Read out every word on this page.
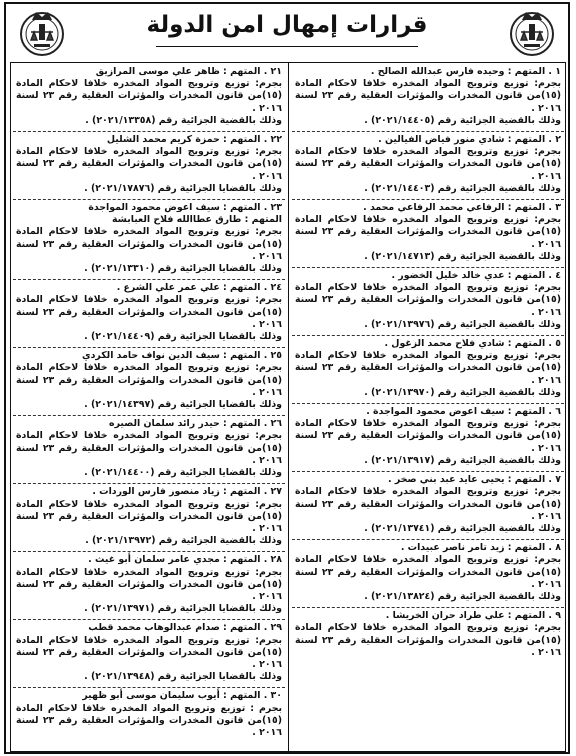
قرارات إمهال امن الدولة
١ . المتهم : وحيده فارس عبدالله الصالح .
بجرم: توزيع وترويج المواد المخدره خلافا لاحكام المادة (١٥)من قانون المخدرات والمؤثرات العقلية رقم ٢٣ لسنة ٢٠١٦ .
وذلك بالقضية الجزائية رقم (٢٠٢١/١٤٤٠٥) .
٢ . المتهم : شادي منور فياض الفيالين .
بجرم: توزيع وترويج المواد المخدره خلافا لاحكام المادة (١٥)من قانون المخدرات والمؤثرات العقلية رقم ٢٣ لسنة ٢٠١٦ .
وذلك بالقضية الجزائية رقم (٢٠٢١/١٤٤٠٣) .
٣ . المتهم : الرفاعي محمد الرفاعي محمد .
بجرم: توزيع وترويج المواد المخدره خلافا لاحكام المادة (١٥)من قانون المخدرات والمؤثرات العقلية رقم ٢٣ لسنة ٢٠١٦ .
وذلك بالقضية الجزائية رقم (٢٠٢١/١٤٧١٣) .
٤ . المتهم : عدي خالد خليل الخضور .
بجرم: توزيع وترويج المواد المخدره خلافا لاحكام المادة (١٥)من قانون المخدرات والمؤثرات العقلية رقم ٢٣ لسنة ٢٠١٦ .
وذلك بالقضية الجزائية رقم (٢٠٢١/١٣٩٧٦) .
٥ . المتهم : شادي فلاح محمد الزغول .
بجرم: توزيع وترويج المواد المخدره خلافا لاحكام المادة (١٥)من قانون المخدرات والمؤثرات العقلية رقم ٢٣ لسنة ٢٠١٦ .
وذلك بالقضية الجزائية رقم (٢٠٢١/١٣٩٧٠) .
٦ . المتهم : سيف اعوض محمود المواجدة .
بجرم: توزيع وترويج المواد المخدره خلافا لاحكام المادة (١٥)من قانون المخدرات والمؤثرات العقلية رقم ٢٣ لسنة ٢٠١٦ .
وذلك بالقضية الجزائية رقم (٢٠٢١/١٣٩١٧) .
٧ . المتهم : يحيى عايد عبد بني صخر .
بجرم: توزيع وترويج المواد المخدره خلافا لاحكام المادة (١٥)من قانون المخدرات والمؤثرات العقلية رقم ٢٣ لسنة ٢٠١٦ .
وذلك بالقضية الجزائية رقم (٢٠٢١/١٣٧٤١) .
٨ . المتهم : زيد تامر ناصر عبيدات .
بجرم: توزيع وترويج المواد المخدره خلافا لاحكام المادة (١٥)من قانون المخدرات والمؤثرات العقلية رقم ٢٣ لسنة ٢٠١٦ .
وذلك بالقضية الجزائية رقم (٢٠٢١/١٣٨٢٤) .
٩ . المتهم : علي طراد حران الخريشا .
بجرم: توزيع وترويج المواد المخدره خلافا لاحكام المادة (١٥)من قانون المخدرات والمؤثرات العقلية رقم ٢٣ لسنة ٢٠١٦ .
٢١ . المتهم : ظاهر علي موسى المرازيق
بجرم: توزيع وترويج المواد المخدره خلافا لاحكام المادة (١٥)من قانون المخدرات والمؤثرات العقلية رقم ٢٣ لسنة ٢٠١٦ .
وذلك بالقضية الجزائية رقم (٢٠٢١/١٣٣٥٨) .
٢٢ . المتهم : حمزة كريم محمد الشليل
بجرم: توزيع وترويج المواد المخدره خلافا لاحكام المادة (١٥)من قانون المخدرات والمؤثرات العقلية رقم ٢٣ لسنة ٢٠١٦ .
وذلك بالقضايا الجزائية رقم (٢٠٢١/١٧٨٧٦) .
٢٣ . المتهم : سيف اعوض محمود المواجدة
المتهم : طارق عطاالله فلاح العبابشة
بجرم: توزيع وترويج المواد المخدره خلافا لاحكام المادة (١٥)من قانون المخدرات والمؤثرات العقلية رقم ٢٣ لسنة ٢٠١٦ .
وذلك بالقضايا الجزائية رقم (٢٠٢١/١٣٣١٠) .
٢٤ . المتهم : علي عمر علي الشرع .
بجرم: توزيع وترويج المواد المخدره خلافا لاحكام المادة (١٥)من قانون المخدرات والمؤثرات العقلية رقم ٢٣ لسنة ٢٠١٦ .
وذلك بالقضايا الجزائية رقم (٢٠٢١/١٤٤٠٩) .
٢٥ . المتهم : سيف الدين نواف حامد الكردي
بجرم: توزيع وترويج المواد المخدره خلافا لاحكام المادة (١٥)من قانون المخدرات والمؤثرات العقلية رقم ٢٣ لسنة ٢٠١٦ .
وذلك بالقضايا الجزائية رقم (٢٠٢١/١٤٣٩٧) .
٢٦ . المتهم : حيدر رائد سلمان الصيره
بجرم: توزيع وترويج المواد المخدره خلافا لاحكام المادة (١٥)من قانون المخدرات والمؤثرات العقلية رقم ٢٣ لسنة ٢٠١٦ .
وذلك بالقضايا الجزائية رقم (٢٠٢١/١٤٤٠٠) .
٢٧ . المتهم : زياد منصور فارس الوردات .
بجرم: توزيع وترويج المواد المخدره خلافا لاحكام المادة (١٥)من قانون المخدرات والمؤثرات العقلية رقم ٢٣ لسنة ٢٠١٦ .
وذلك بالقضية الجزائية رقم (٢٠٢١/١٣٩٧٢) .
٢٨ . المتهم : مجدي عامر سلمان أبو غيث .
بجرم: توزيع وترويج المواد المخدره خلافا لاحكام المادة (١٥)من قانون المخدرات والمؤثرات العقلية رقم ٢٣ لسنة ٢٠١٦ .
وذلك بالقضايا الجزائية رقم (٢٠٢١/١٣٩٧١) .
٢٩ . المتهم : صدام عبدالوهاب محمد قطب
بجرم: توزيع وترويج المواد المخدره خلافا لاحكام المادة (١٥)من قانون المخدرات والمؤثرات العقلية رقم ٢٣ لسنة ٢٠١٦ .
وذلك بالقضايا الجزائية رقم (٢٠٢١/١٣٩٤٨) .
٣٠ . المتهم : أيوب سليمان موسى أبو ظهير
بجرم : توزيع وترويج المواد المخدره خلافا لاحكام المادة (١٥)من قانون المخدرات والمؤثرات العقلية رقم ٢٣ لسنة ٢٠١٦ .
